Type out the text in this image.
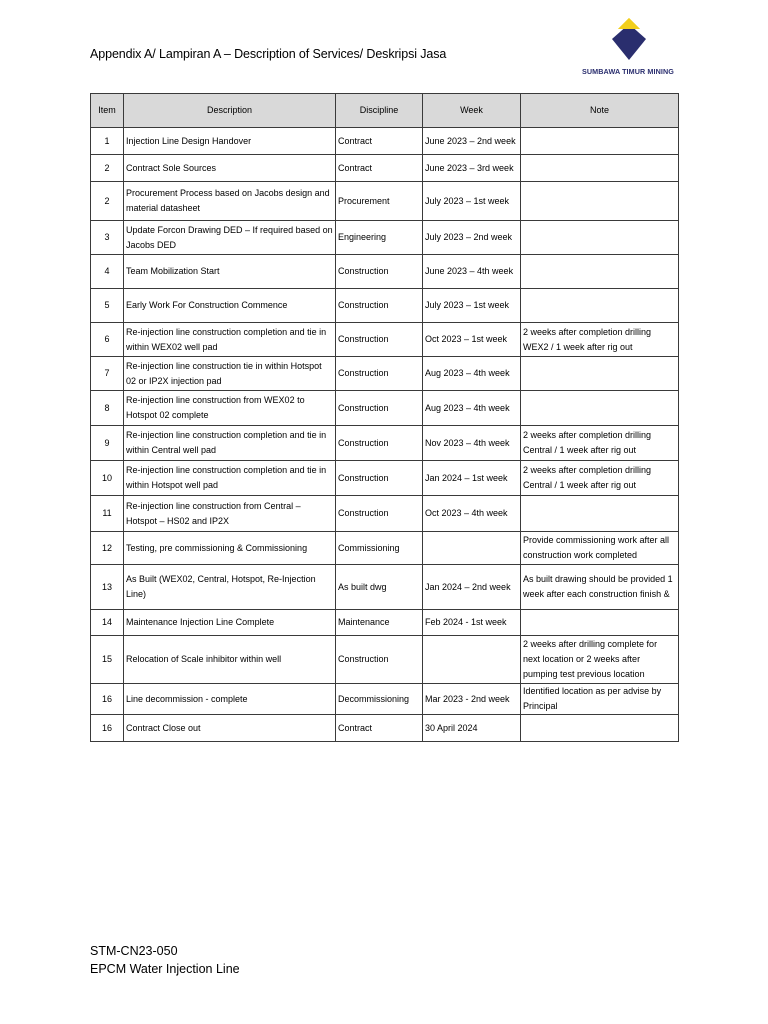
Appendix A/ Lampiran A – Description of Services/ Deskripsi Jasa
SUMBAWA TIMUR MINING
Item	Description	Discipline	Week	Note
1	Injection Line Design Handover	Contract	June 2023 – 2nd week	
2	Contract Sole Sources	Contract	June 2023 – 3rd week	
2	Procurement Process based on Jacobs design and material datasheet	Procurement	July 2023 – 1st week	
3	Update Forcon Drawing DED – If required based on Jacobs DED	Engineering	July 2023 – 2nd week	
4	Team Mobilization Start	Construction	June 2023 – 4th week	
5	Early Work For Construction Commence	Construction	July 2023 – 1st week	
6	Re-injection line construction completion and tie in within WEX02 well pad	Construction	Oct 2023 – 1st week	2 weeks after completion drilling WEX2 / 1 week after rig out
7	Re-injection line construction tie in within Hotspot 02 or IP2X injection pad	Construction	Aug 2023 – 4th week	
8	Re-injection line construction from WEX02 to Hotspot 02 complete	Construction	Aug 2023 – 4th week	
9	Re-injection line construction completion and tie in within Central well pad	Construction	Nov 2023 – 4th week	2 weeks after completion drilling Central / 1 week after rig out
10	Re-injection line construction completion and tie in within Hotspot well pad	Construction	Jan 2024 – 1st week	2 weeks after completion drilling Central / 1 week after rig out
11	Re-injection line construction from Central – Hotspot – HS02 and IP2X	Construction	Oct 2023 – 4th week	
12	Testing, pre commissioning & Commissioning	Commissioning		Provide commissioning work after all construction work completed
13	As Built (WEX02, Central, Hotspot, Re-Injection Line)	As built dwg	Jan 2024 – 2nd week	As built drawing should be provided 1 week after each construction finish &
14	Maintenance Injection Line Complete	Maintenance	Feb 2024 - 1st week	
15	Relocation of Scale inhibitor within well	Construction		2 weeks after drilling complete for next location or 2 weeks after pumping test previous location
16	Line decommission - complete	Decommissioning	Mar 2023 - 2nd week	Identified location as per advise by Principal
16	Contract Close out	Contract	30 April 2024	
STM-CN23-050
EPCM Water Injection Line
